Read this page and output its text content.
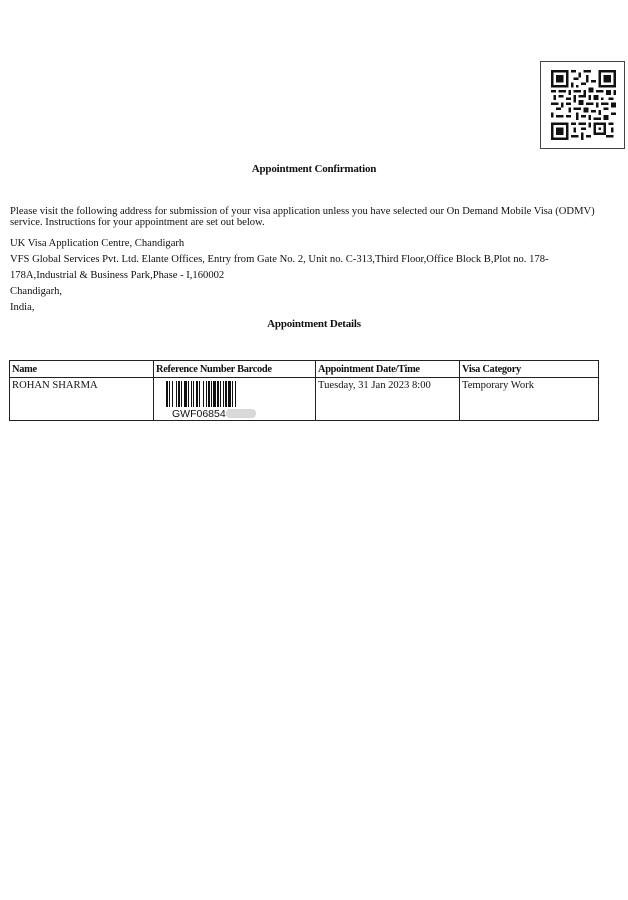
Appointment Confirmation
Please visit the following address for submission of your visa application unless you have selected our On Demand Mobile Visa (ODMV) service. Instructions for your appointment are set out below.
UK Visa Application Centre, Chandigarh
VFS Global Services Pvt. Ltd. Elante Offices, Entry from Gate No. 2, Unit no. C-313,Third Floor,Office Block B,Plot no. 178-
178A,Industrial & Business Park,Phase - I,160002
Chandigarh,
India,
Appointment Details
Name	Reference Number Barcode	Appointment Date/Time	Visa Category
ROHAN SHARMA	GWF06854	Tuesday, 31 Jan 2023 8:00	Temporary Work
